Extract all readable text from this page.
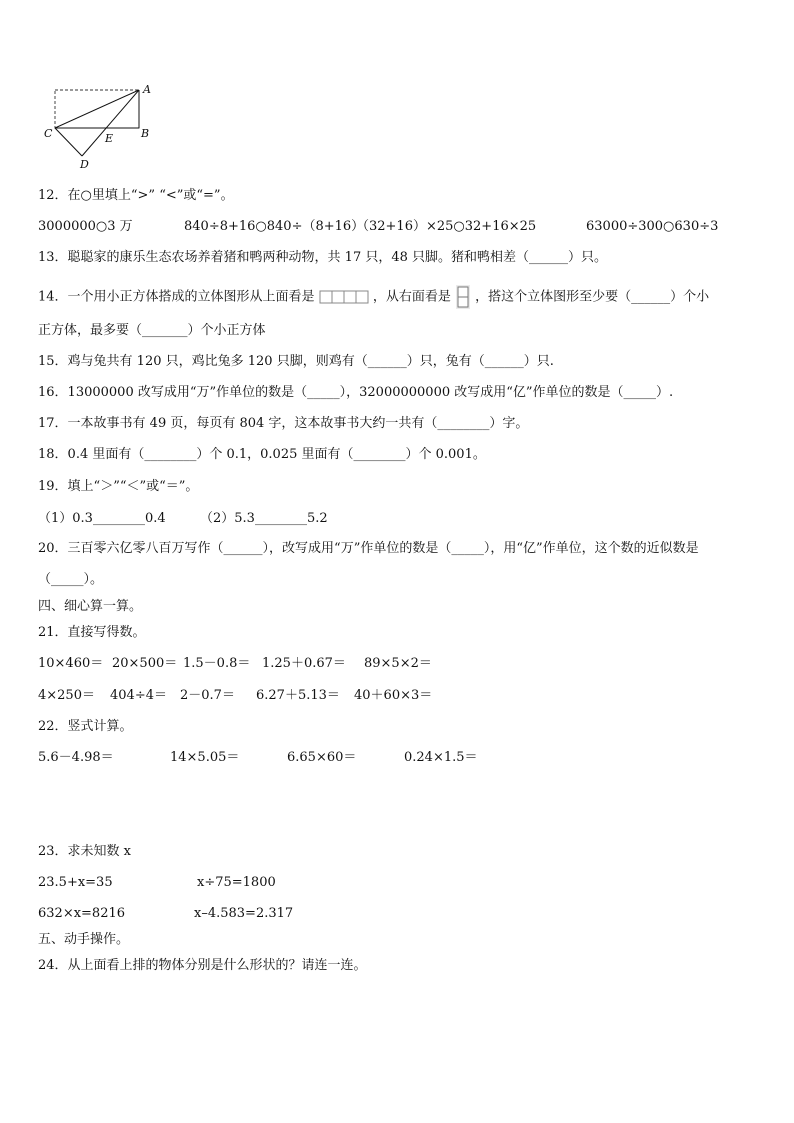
A
B
C
D
E
12．在○里填上“>” “<”或“=”。
3000000○3 万	840÷8+16○840÷（8+16）
（32+16）×25○32+16×25	63000÷300○630÷3
13．聪聪家的康乐生态农场养着猪和鸭两种动物，共 17 只，48 只脚。猪和鸭相差（______）只。
14．一个用小正方体搭成的立体图形从上面看是	，从右面看是 ，搭这个立体图形至少要（______）个小
正方体，最多要（_______）个小正方体
15．鸡与兔共有 120 只，鸡比兔多 120 只脚，则鸡有（______）只，兔有（______）只.
16．13000000 改写成用“万”作单位的数是（_____），32000000000 改写成用“亿”作单位的数是（_____）.
17．一本故事书有 49 页，每页有 804 字，这本故事书大约一共有（________）字。
18．0.4 里面有（________）个 0.1，0.025 里面有（________）个 0.001。
19．填上“＞”“＜”或“＝”。
（1）0.3________0.4	（2）5.3________5.2
20．三百零六亿零八百万写作（______），改写成用“万”作单位的数是（_____），用“亿”作单位，这个数的近似数是
（_____）。
四、细心算一算。
21．直接写得数。
10×460＝ 20×500＝ 1.5－0.8＝ 1.25＋0.67＝ 89×5×2＝
4×250＝ 404÷4＝ 2－0.7＝ 6.27＋5.13＝ 40＋60×3＝
22．竖式计算。
5.6－4.98＝	14×5.05＝	6.65×60＝	0.24×1.5＝
23．求未知数 x
23.5+x=35	x÷75=1800
632×x=8216	x–4.583=2.317
五、动手操作。
24．从上面看上排的物体分别是什么形状的？请连一连。
